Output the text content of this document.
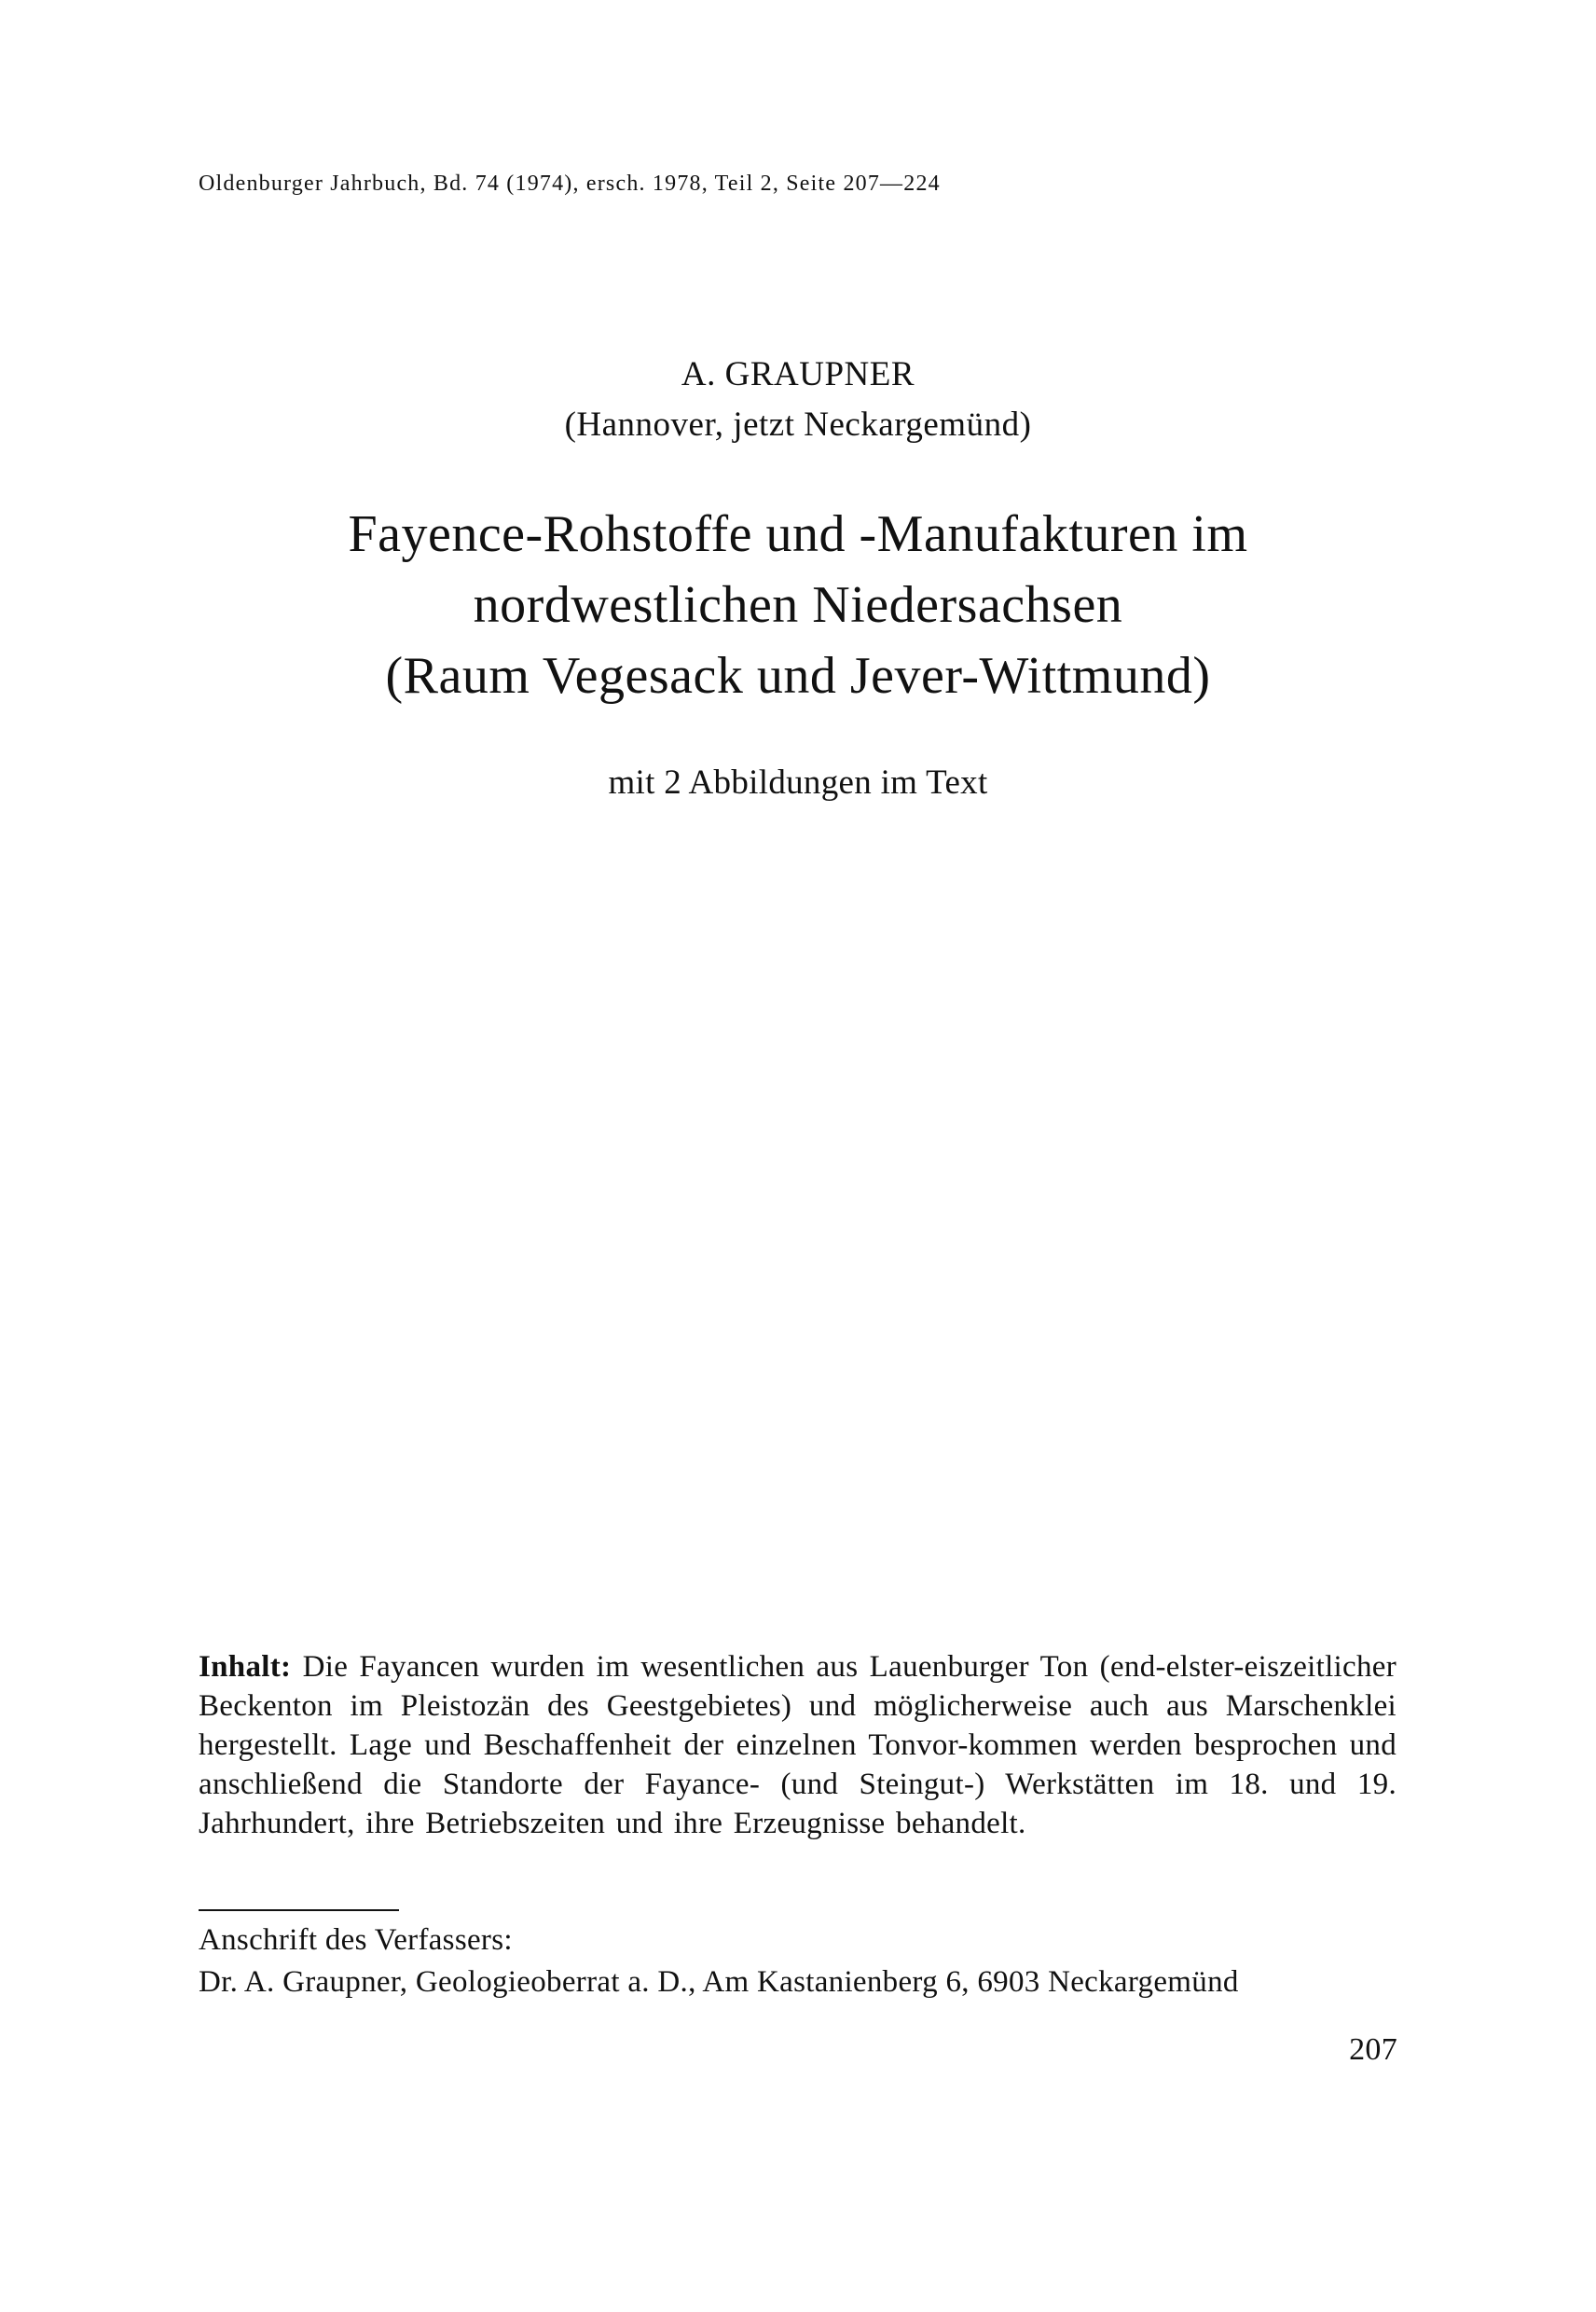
Oldenburger Jahrbuch, Bd. 74 (1974), ersch. 1978, Teil 2, Seite 207—224
A. GRAUPNER
(Hannover, jetzt Neckargemünd)
Fayence-Rohstoffe und -Manufakturen im
nordwestlichen Niedersachsen
(Raum Vegesack und Jever-Wittmund)
mit 2 Abbildungen im Text
Inhalt: Die Fayancen wurden im wesentlichen aus Lauenburger Ton (end-elster-eiszeitlicher Beckenton im Pleistozän des Geestgebietes) und möglicherweise auch aus Marschenklei hergestellt. Lage und Beschaffenheit der einzelnen Tonvor-kommen werden besprochen und anschließend die Standorte der Fayance- (und Steingut-) Werkstätten im 18. und 19. Jahrhundert, ihre Betriebszeiten und ihre Erzeugnisse behandelt.
Anschrift des Verfassers:
Dr. A. Graupner, Geologieoberrat a. D., Am Kastanienberg 6, 6903 Neckargemünd
207
